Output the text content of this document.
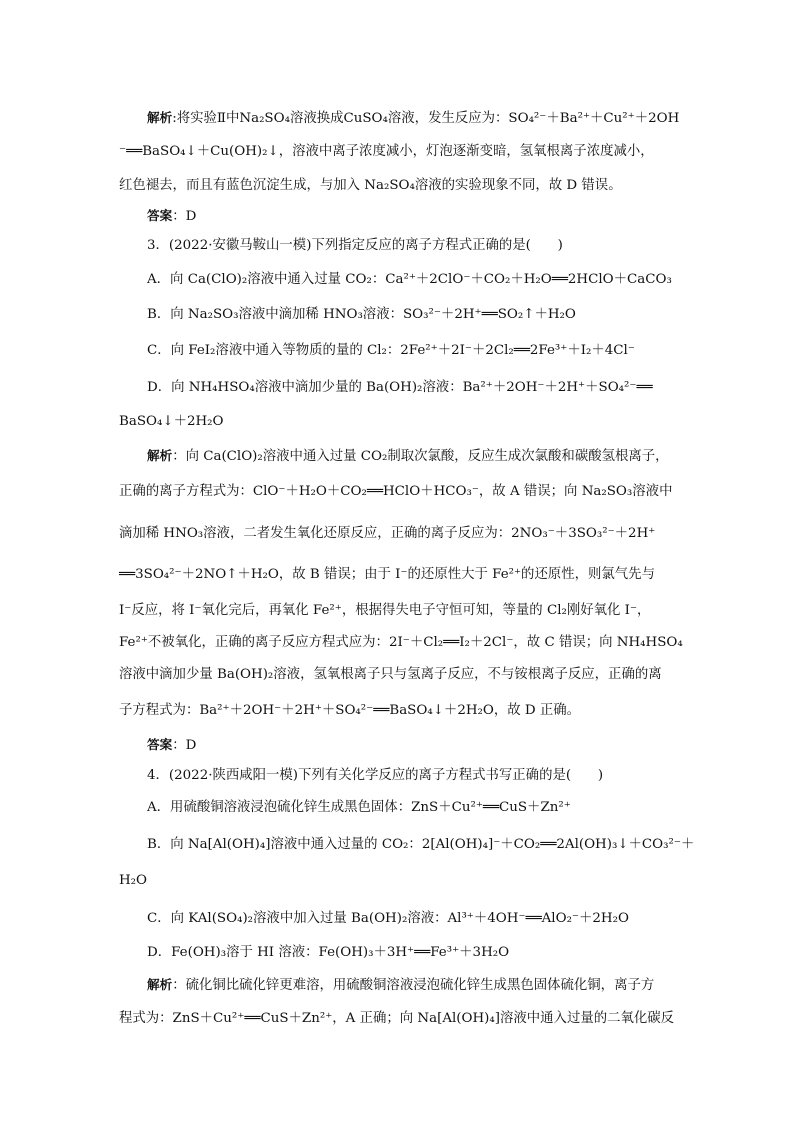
解析:将实验Ⅱ中Na₂SO₄溶液换成CuSO₄溶液，发生反应为：SO₄²⁻＋Ba²⁺＋Cu²⁺＋2OH
⁻══BaSO₄↓＋Cu(OH)₂↓，溶液中离子浓度减小，灯泡逐渐变暗，氢氧根离子浓度减小，
红色褪去，而且有蓝色沉淀生成，与加入 Na₂SO₄溶液的实验现象不同，故 D 错误。
答案：D
3．(2022·安徽马鞍山一模)下列指定反应的离子方程式正确的是(　　)
A．向 Ca(ClO)₂溶液中通入过量 CO₂：Ca²⁺＋2ClO⁻＋CO₂＋H₂O══2HClO＋CaCO₃
B．向 Na₂SO₃溶液中滴加稀 HNO₃溶液：SO₃²⁻＋2H⁺══SO₂↑＋H₂O
C．向 FeI₂溶液中通入等物质的量的 Cl₂：2Fe²⁺＋2I⁻＋2Cl₂══2Fe³⁺＋I₂＋4Cl⁻
D．向 NH₄HSO₄溶液中滴加少量的 Ba(OH)₂溶液：Ba²⁺＋2OH⁻＋2H⁺＋SO₄²⁻══
BaSO₄↓＋2H₂O
解析：向 Ca(ClO)₂溶液中通入过量 CO₂制取次氯酸，反应生成次氯酸和碳酸氢根离子，
正确的离子方程式为：ClO⁻＋H₂O＋CO₂══HClO＋HCO₃⁻，故 A 错误；向 Na₂SO₃溶液中
滴加稀 HNO₃溶液，二者发生氧化还原反应，正确的离子反应为：2NO₃⁻＋3SO₃²⁻＋2H⁺
══3SO₄²⁻＋2NO↑＋H₂O，故 B 错误；由于 I⁻的还原性大于 Fe²⁺的还原性，则氯气先与
I⁻反应，将 I⁻氧化完后，再氧化 Fe²⁺，根据得失电子守恒可知，等量的 Cl₂刚好氧化 I⁻，
Fe²⁺不被氧化，正确的离子反应方程式应为：2I⁻＋Cl₂══I₂＋2Cl⁻，故 C 错误；向 NH₄HSO₄
溶液中滴加少量 Ba(OH)₂溶液，氢氧根离子只与氢离子反应，不与铵根离子反应，正确的离
子方程式为：Ba²⁺＋2OH⁻＋2H⁺＋SO₄²⁻══BaSO₄↓＋2H₂O，故 D 正确。
答案：D
4．(2022·陕西咸阳一模)下列有关化学反应的离子方程式书写正确的是(　　)
A．用硫酸铜溶液浸泡硫化锌生成黑色固体：ZnS＋Cu²⁺══CuS＋Zn²⁺
B．向 Na[Al(OH)₄]溶液中通入过量的 CO₂：2[Al(OH)₄]⁻＋CO₂══2Al(OH)₃↓＋CO₃²⁻＋
H₂O
C．向 KAl(SO₄)₂溶液中加入过量 Ba(OH)₂溶液：Al³⁺＋4OH⁻══AlO₂⁻＋2H₂O
D．Fe(OH)₃溶于 HI 溶液：Fe(OH)₃＋3H⁺══Fe³⁺＋3H₂O
解析：硫化铜比硫化锌更难溶，用硫酸铜溶液浸泡硫化锌生成黑色固体硫化铜，离子方
程式为：ZnS＋Cu²⁺══CuS＋Zn²⁺，A 正确；向 Na[Al(OH)₄]溶液中通入过量的二氧化碳反
